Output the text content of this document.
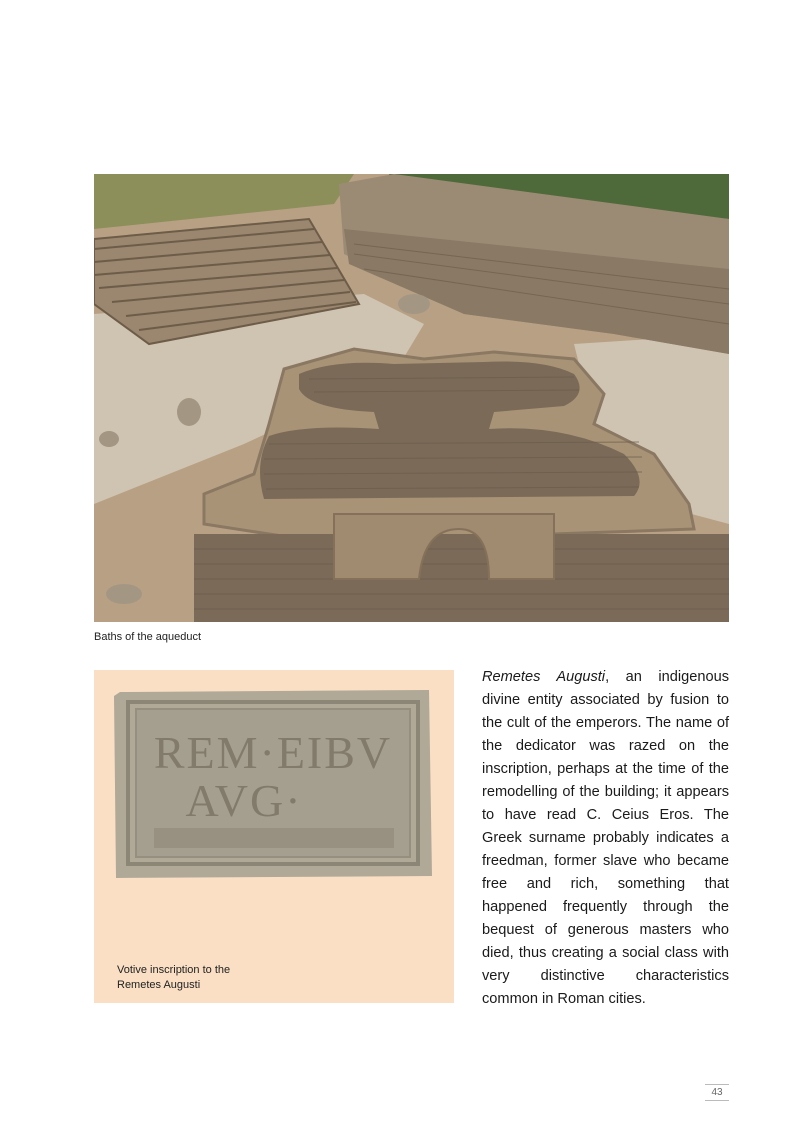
Baths of the aqueduct
REM·EIBV
AVG·
Votive inscription to the Remetes Augusti
Remetes Augusti, an indigenous divine entity associated by fusion to the cult of the emperors. The name of the dedicator was razed on the inscription, perhaps at the time of the remodelling of the building; it appears to have read C. Ceius Eros. The Greek surname probably indicates a freedman, former slave who became free and rich, something that happened frequently through the bequest of generous masters who died, thus creating a social class with very distinctive characteristics common in Roman cities.
43
